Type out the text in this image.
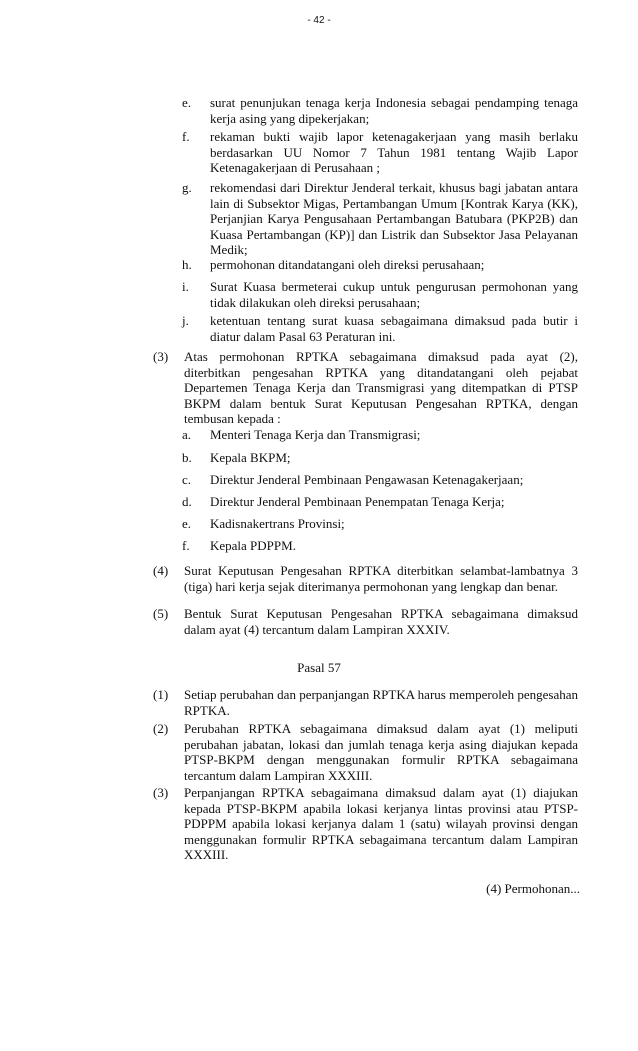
- 42 -
e. surat penunjukan tenaga kerja Indonesia sebagai pendamping tenaga kerja asing yang dipekerjakan;
f. rekaman bukti wajib lapor ketenagakerjaan yang masih berlaku berdasarkan UU Nomor 7 Tahun 1981 tentang Wajib Lapor Ketenagakerjaan di Perusahaan ;
g. rekomendasi dari Direktur Jenderal terkait, khusus bagi jabatan antara lain di Subsektor Migas, Pertambangan Umum [Kontrak Karya (KK), Perjanjian Karya Pengusahaan Pertambangan Batubara (PKP2B) dan Kuasa Pertambangan (KP)] dan Listrik dan Subsektor Jasa Pelayanan Medik;
h. permohonan ditandatangani oleh direksi perusahaan;
i. Surat Kuasa bermeterai cukup untuk pengurusan permohonan yang tidak dilakukan oleh direksi perusahaan;
j. ketentuan tentang surat kuasa sebagaimana dimaksud pada butir i diatur dalam Pasal 63 Peraturan ini.
(3) Atas permohonan RPTKA sebagaimana dimaksud pada ayat (2), diterbitkan pengesahan RPTKA yang ditandatangani oleh pejabat Departemen Tenaga Kerja dan Transmigrasi yang ditempatkan di PTSP BKPM dalam bentuk Surat Keputusan Pengesahan RPTKA, dengan tembusan kepada :
a. Menteri Tenaga Kerja dan Transmigrasi;
b. Kepala BKPM;
c. Direktur Jenderal Pembinaan Pengawasan Ketenagakerjaan;
d. Direktur Jenderal Pembinaan Penempatan Tenaga Kerja;
e. Kadisnakertrans Provinsi;
f. Kepala PDPPM.
(4) Surat Keputusan Pengesahan RPTKA diterbitkan selambat-lambatnya 3 (tiga) hari kerja sejak diterimanya permohonan yang lengkap dan benar.
(5) Bentuk Surat Keputusan Pengesahan RPTKA sebagaimana dimaksud dalam ayat (4) tercantum dalam Lampiran XXXIV.
Pasal 57
(1) Setiap perubahan dan perpanjangan RPTKA harus memperoleh pengesahan RPTKA.
(2) Perubahan RPTKA sebagaimana dimaksud dalam ayat (1) meliputi perubahan jabatan, lokasi dan jumlah tenaga kerja asing diajukan kepada PTSP-BKPM dengan menggunakan formulir RPTKA sebagaimana tercantum dalam Lampiran XXXIII.
(3) Perpanjangan RPTKA sebagaimana dimaksud dalam ayat (1) diajukan kepada PTSP-BKPM apabila lokasi kerjanya lintas provinsi atau PTSP-PDPPM apabila lokasi kerjanya dalam 1 (satu) wilayah provinsi dengan menggunakan formulir RPTKA sebagaimana tercantum dalam Lampiran XXXIII.
(4) Permohonan...
